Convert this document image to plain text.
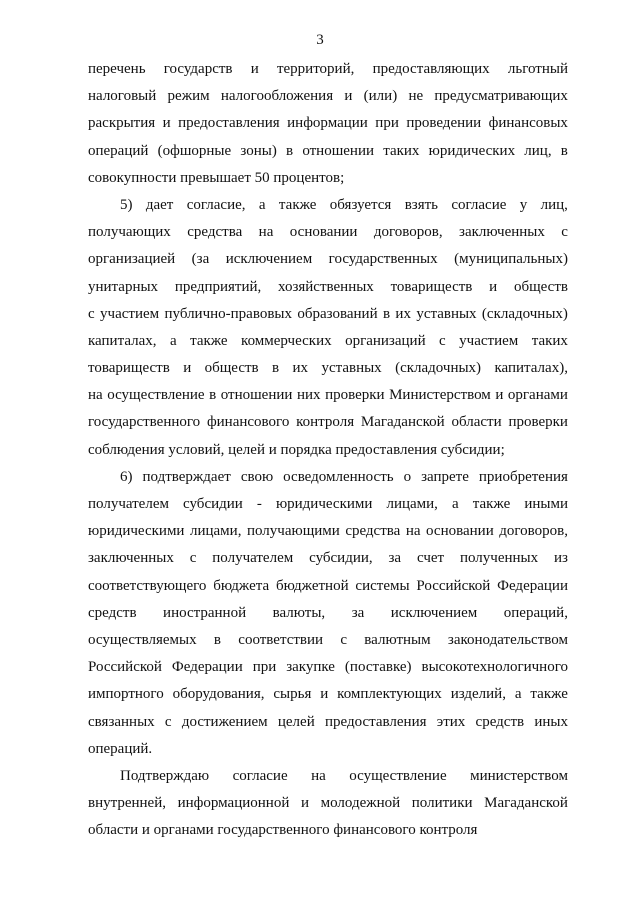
3
перечень государств и территорий, предоставляющих льготный
налоговый режим налогообложения и (или) не предусматривающих
раскрытия и предоставления информации при проведении финансовых
операций (офшорные зоны) в отношении таких юридических лиц, в
совокупности превышает 50 процентов;
5) дает согласие, а также обязуется взять согласие у лиц,
получающих средства на основании договоров, заключенных с
организацией (за исключением государственных (муниципальных)
унитарных предприятий, хозяйственных товариществ и обществ
с участием публично-правовых образований в их уставных (складочных)
капиталах, а также коммерческих организаций с участием таких
товариществ и обществ в их уставных (складочных) капиталах),
на осуществление в отношении них проверки Министерством и органами
государственного финансового контроля Магаданской области проверки
соблюдения условий, целей и порядка предоставления субсидии;
6) подтверждает свою осведомленность о запрете приобретения
получателем субсидии - юридическими лицами, а также иными
юридическими лицами, получающими средства на основании договоров,
заключенных с получателем субсидии, за счет полученных из
соответствующего бюджета бюджетной системы Российской Федерации
средств иностранной валюты, за исключением операций,
осуществляемых в соответствии с валютным законодательством
Российской Федерации при закупке (поставке) высокотехнологичного
импортного оборудования, сырья и комплектующих изделий, а также
связанных с достижением целей предоставления этих средств иных
операций.
Подтверждаю согласие на осуществление министерством
внутренней, информационной и молодежной политики Магаданской
области и органами государственного финансового контроля
